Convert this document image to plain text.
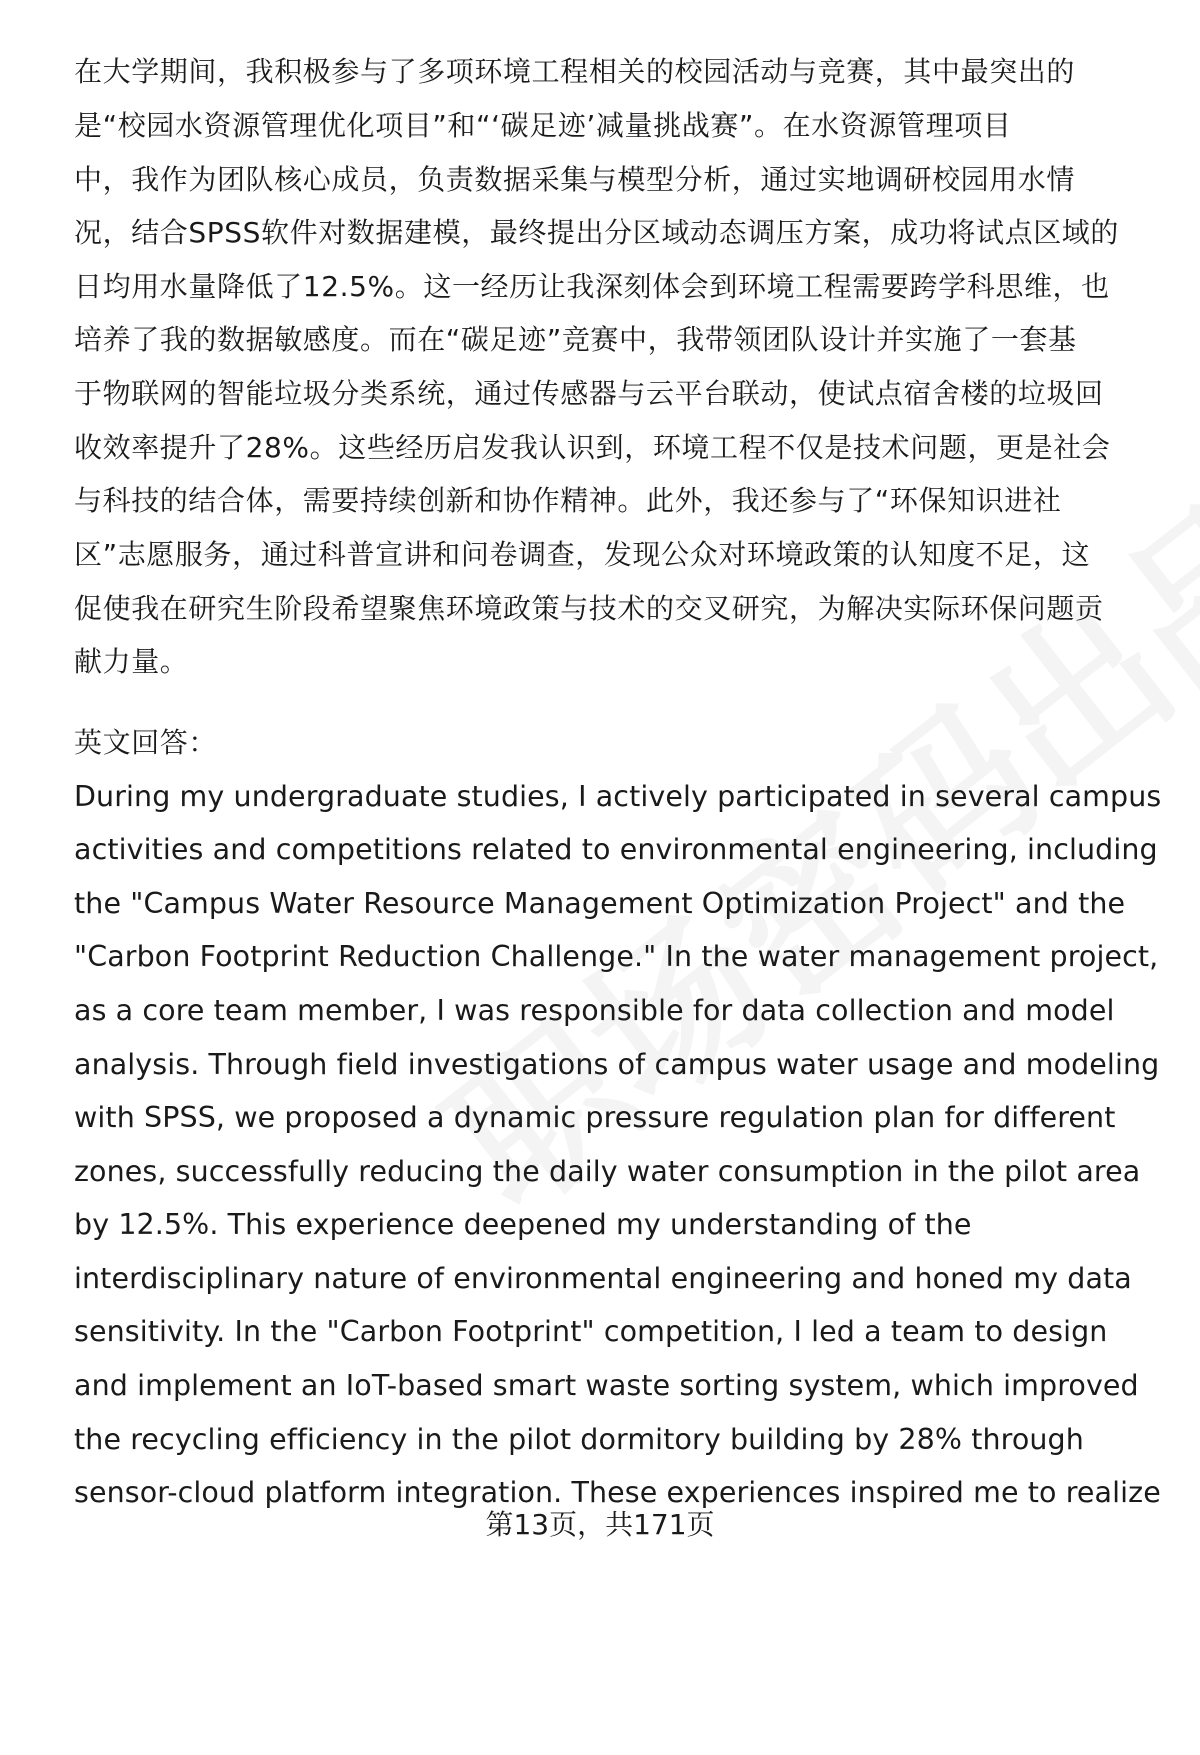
在大学期间，我积极参与了多项环境工程相关的校园活动与竞赛，其中最突出的
是“校园水资源管理优化项目”和“‘碳足迹’减量挑战赛”。在水资源管理项目
中，我作为团队核心成员，负责数据采集与模型分析，通过实地调研校园用水情
况，结合SPSS软件对数据建模，最终提出分区域动态调压方案，成功将试点区域的
日均用水量降低了12.5%。这一经历让我深刻体会到环境工程需要跨学科思维，也
培养了我的数据敏感度。而在“碳足迹”竞赛中，我带领团队设计并实施了一套基
于物联网的智能垃圾分类系统，通过传感器与云平台联动，使试点宿舍楼的垃圾回
收效率提升了28%。这些经历启发我认识到，环境工程不仅是技术问题，更是社会
与科技的结合体，需要持续创新和协作精神。此外，我还参与了“环保知识进社
区”志愿服务，通过科普宣讲和问卷调查，发现公众对环境政策的认知度不足，这
促使我在研究生阶段希望聚焦环境政策与技术的交叉研究，为解决实际环保问题贡
献力量。
英文回答：
During my undergraduate studies, I actively participated in several campus
activities and competitions related to environmental engineering, including
the "Campus Water Resource Management Optimization Project" and the
"Carbon Footprint Reduction Challenge." In the water management project,
as a core team member, I was responsible for data collection and model
analysis. Through field investigations of campus water usage and modeling
with SPSS, we proposed a dynamic pressure regulation plan for different
zones, successfully reducing the daily water consumption in the pilot area
by 12.5%. This experience deepened my understanding of the
interdisciplinary nature of environmental engineering and honed my data
sensitivity. In the "Carbon Footprint" competition, I led a team to design
and implement an IoT-based smart waste sorting system, which improved
the recycling efficiency in the pilot dormitory building by 28% through
sensor-cloud platform integration. These experiences inspired me to realize
第13页，共171页
